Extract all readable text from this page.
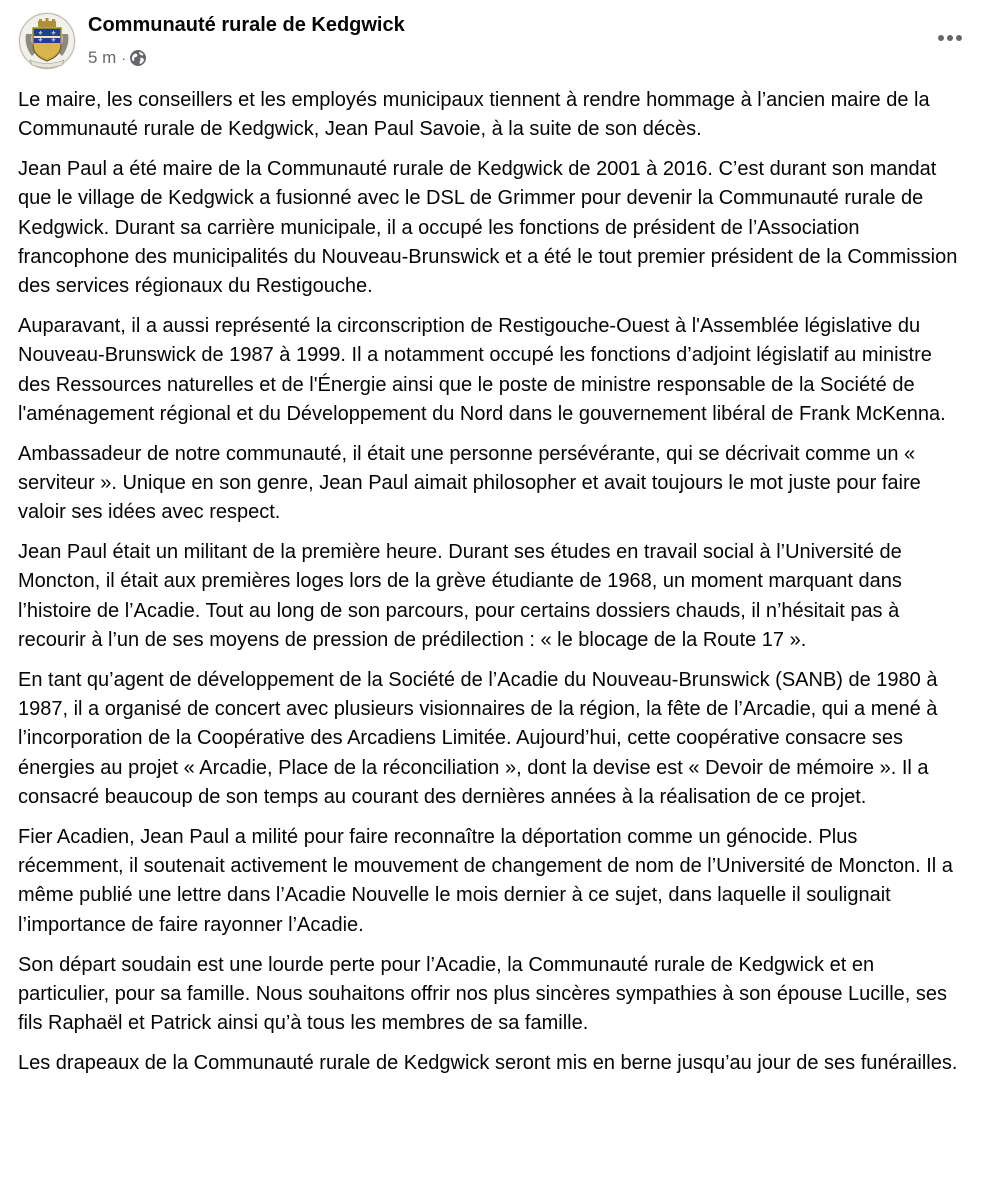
⚜ ⚜
⚜ ⚜
Communauté rurale de Kedgwick
5 m ·

Le maire, les conseillers et les employés municipaux tiennent à rendre hommage à l’ancien maire de la Communauté rurale de Kedgwick, Jean Paul Savoie, à la suite de son décès.

Jean Paul a été maire de la Communauté rurale de Kedgwick de 2001 à 2016. C’est durant son mandat que le village de Kedgwick a fusionné avec le DSL de Grimmer pour devenir la Communauté rurale de Kedgwick. Durant sa carrière municipale, il a occupé les fonctions de président de l’Association francophone des municipalités du Nouveau-Brunswick et a été le tout premier président de la Commission des services régionaux du Restigouche.

Auparavant, il a aussi représenté la circonscription de Restigouche-Ouest à l'Assemblée législative du Nouveau-Brunswick de 1987 à 1999. Il a notamment occupé les fonctions d’adjoint législatif au ministre des Ressources naturelles et de l'Énergie ainsi que le poste de ministre responsable de la Société de l'aménagement régional et du Développement du Nord dans le gouvernement libéral de Frank McKenna.

Ambassadeur de notre communauté, il était une personne persévérante, qui se décrivait comme un « serviteur ». Unique en son genre, Jean Paul aimait philosopher et avait toujours le mot juste pour faire valoir ses idées avec respect.

Jean Paul était un militant de la première heure. Durant ses études en travail social à l’Université de Moncton, il était aux premières loges lors de la grève étudiante de 1968, un moment marquant dans l’histoire de l’Acadie. Tout au long de son parcours, pour certains dossiers chauds, il n’hésitait pas à recourir à l’un de ses moyens de pression de prédilection : « le blocage de la Route 17 ».

En tant qu’agent de développement de la Société de l’Acadie du Nouveau-Brunswick (SANB) de 1980 à 1987, il a organisé de concert avec plusieurs visionnaires de la région, la fête de l’Arcadie, qui a mené à l’incorporation de la Coopérative des Arcadiens Limitée. Aujourd’hui, cette coopérative consacre ses énergies au projet « Arcadie, Place de la réconciliation », dont la devise est « Devoir de mémoire ». Il a consacré beaucoup de son temps au courant des dernières années à la réalisation de ce projet.

Fier Acadien, Jean Paul a milité pour faire reconnaître la déportation comme un génocide. Plus récemment, il soutenait activement le mouvement de changement de nom de l’Université de Moncton. Il a même publié une lettre dans l’Acadie Nouvelle le mois dernier à ce sujet, dans laquelle il soulignait l’importance de faire rayonner l’Acadie.

Son départ soudain est une lourde perte pour l’Acadie, la Communauté rurale de Kedgwick et en particulier, pour sa famille. Nous souhaitons offrir nos plus sincères sympathies à son épouse Lucille, ses fils Raphaël et Patrick ainsi qu’à tous les membres de sa famille.

Les drapeaux de la Communauté rurale de Kedgwick seront mis en berne jusqu’au jour de ses funérailles.
